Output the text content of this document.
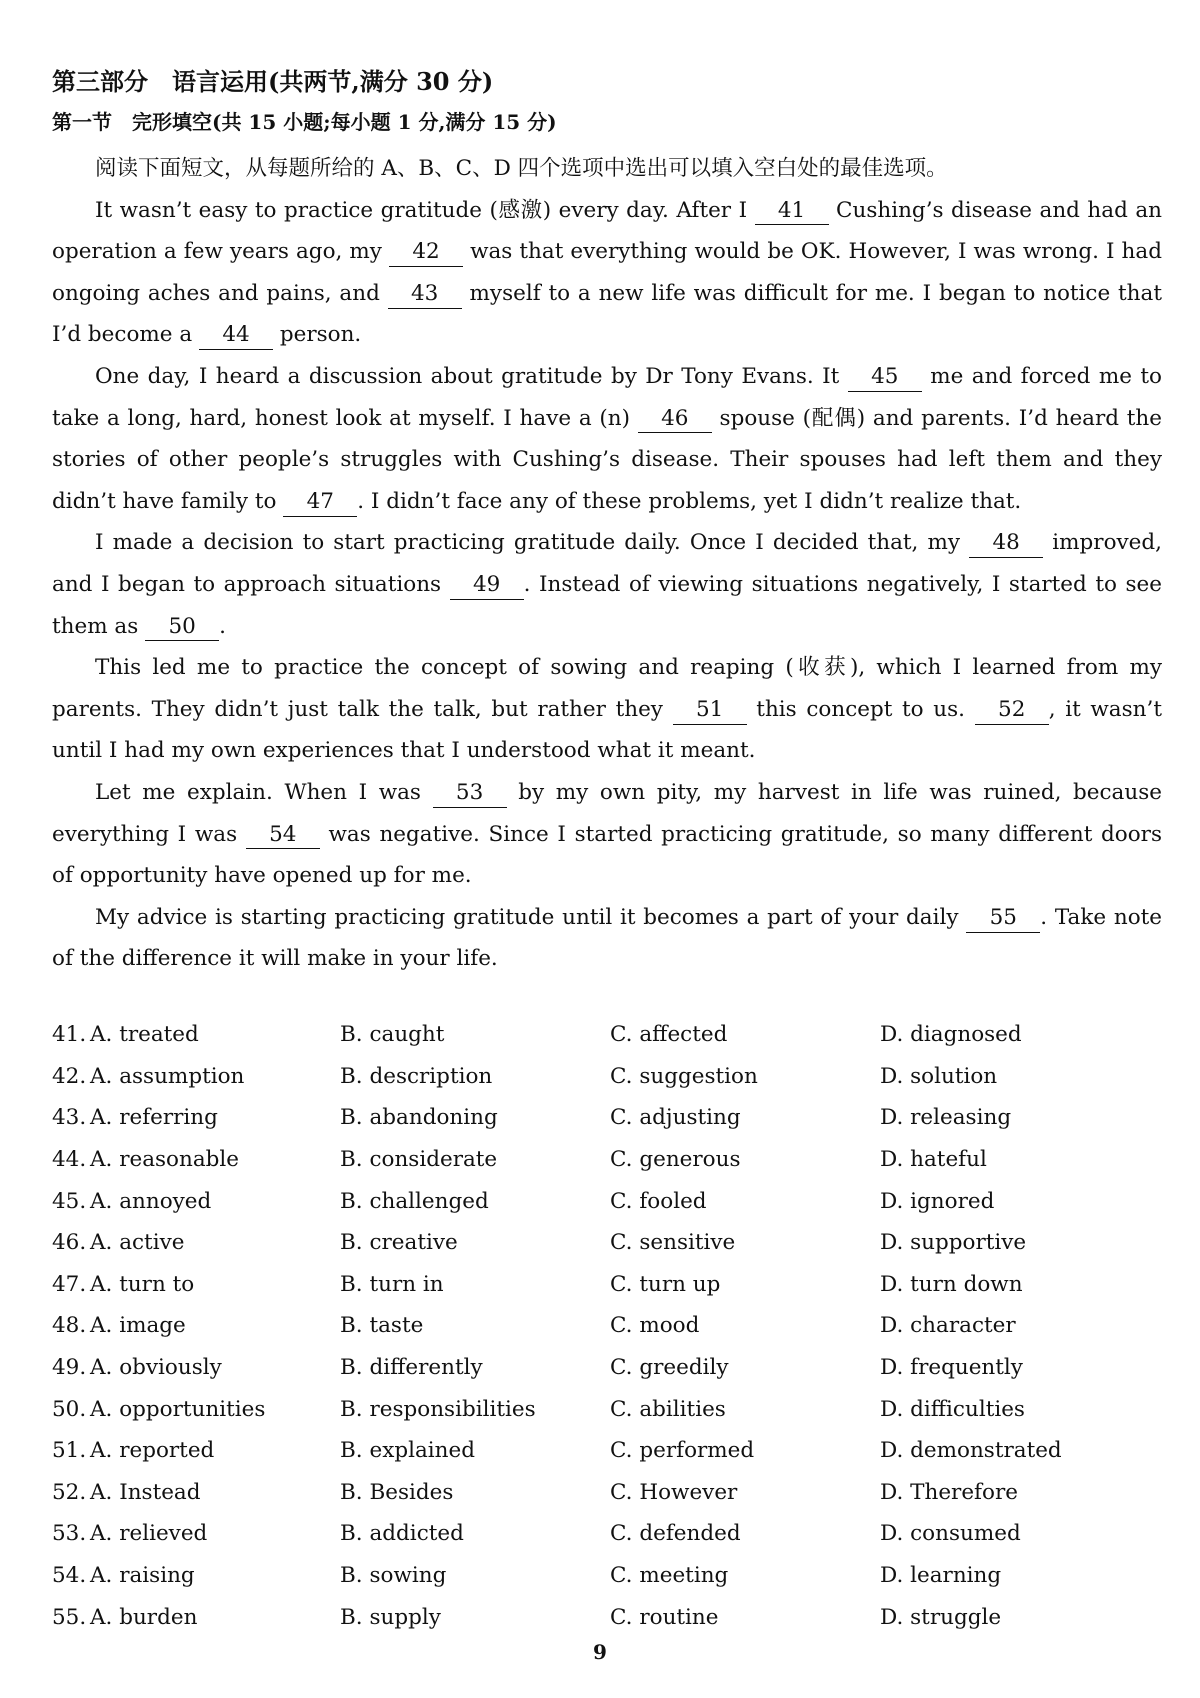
第三部分　语言运用(共两节,满分 30 分)
第一节　完形填空(共 15 小题;每小题 1 分,满分 15 分)

阅读下面短文，从每题所给的 A、B、C、D 四个选项中选出可以填入空白处的最佳选项。

It wasn’t easy to practice gratitude (感激) every day. After I 41 Cushing’s disease and had an operation a few years ago, my 42 was that everything would be OK. However, I was wrong. I had ongoing aches and pains, and 43 myself to a new life was difficult for me. I began to notice that I’d become a 44 person.

One day, I heard a discussion about gratitude by Dr Tony Evans. It 45 me and forced me to take a long, hard, honest look at myself. I have a (n) 46 spouse (配偶) and parents. I’d heard the stories of other people’s struggles with Cushing’s disease. Their spouses had left them and they didn’t have family to 47 . I didn’t face any of these problems, yet I didn’t realize that.

I made a decision to start practicing gratitude daily. Once I decided that, my 48 improved, and I began to approach situations 49 . Instead of viewing situations negatively, I started to see them as 50 .

This led me to practice the concept of sowing and reaping (收获), which I learned from my parents. They didn’t just talk the talk, but rather they 51 this concept to us. 52 , it wasn’t until I had my own experiences that I understood what it meant.

Let me explain. When I was 53 by my own pity, my harvest in life was ruined, because everything I was 54 was negative. Since I started practicing gratitude, so many different doors of opportunity have opened up for me.

My advice is starting practicing gratitude until it becomes a part of your daily 55 . Take note of the difference it will make in your life.

41. A. treated	B. caught	C. affected	D. diagnosed
42. A. assumption	B. description	C. suggestion	D. solution
43. A. referring	B. abandoning	C. adjusting	D. releasing
44. A. reasonable	B. considerate	C. generous	D. hateful
45. A. annoyed	B. challenged	C. fooled	D. ignored
46. A. active	B. creative	C. sensitive	D. supportive
47. A. turn to	B. turn in	C. turn up	D. turn down
48. A. image	B. taste	C. mood	D. character
49. A. obviously	B. differently	C. greedily	D. frequently
50. A. opportunities	B. responsibilities	C. abilities	D. difficulties
51. A. reported	B. explained	C. performed	D. demonstrated
52. A. Instead	B. Besides	C. However	D. Therefore
53. A. relieved	B. addicted	C. defended	D. consumed
54. A. raising	B. sowing	C. meeting	D. learning
55. A. burden	B. supply	C. routine	D. struggle
9
